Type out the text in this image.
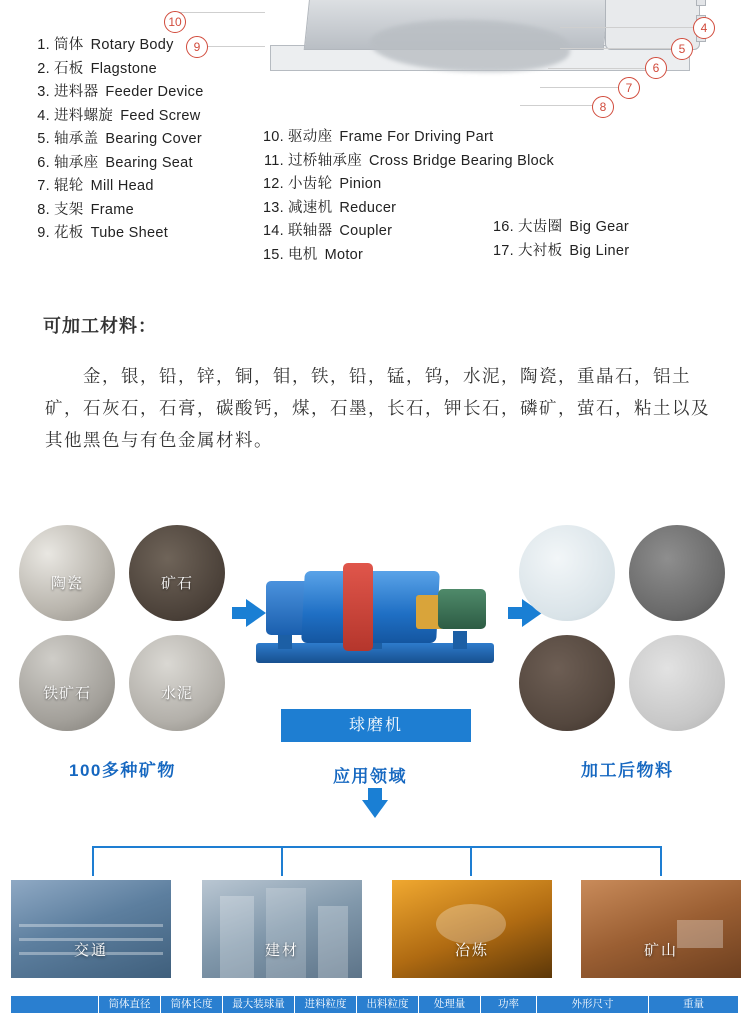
10
9
4
5
6
7
8
1. 筒体 Rotary Body
2. 石板 Flagstone
3. 进料器 Feeder Device
4. 进料螺旋 Feed Screw
5. 轴承盖 Bearing Cover
6. 轴承座 Bearing Seat
7. 辊轮 Mill Head
8. 支架 Frame
9. 花板 Tube Sheet
10. 驱动座 Frame For Driving Part
11. 过桥轴承座 Cross Bridge Bearing Block
12. 小齿轮 Pinion
13. 减速机 Reducer
14. 联轴器 Coupler
15. 电机 Motor
16. 大齿圈 Big Gear
17. 大衬板 Big Liner
可加工材料：
金，银，铅，锌，铜，钼，铁，铅，锰，钨，水泥，陶瓷，重晶石，铝土矿，石灰石，石膏，碳酸钙，煤，石墨，长石，钾长石，磷矿，萤石，粘土以及其他黑色与有色金属材料。
陶瓷	矿石
铁矿石	水泥
球磨机
100多种矿物	应用领域	加工后物料
交通	建材	冶炼	矿山
筒体直径	筒体长度	最大装球量	进料粒度	出料粒度	处理量	功率	外形尺寸	重量
